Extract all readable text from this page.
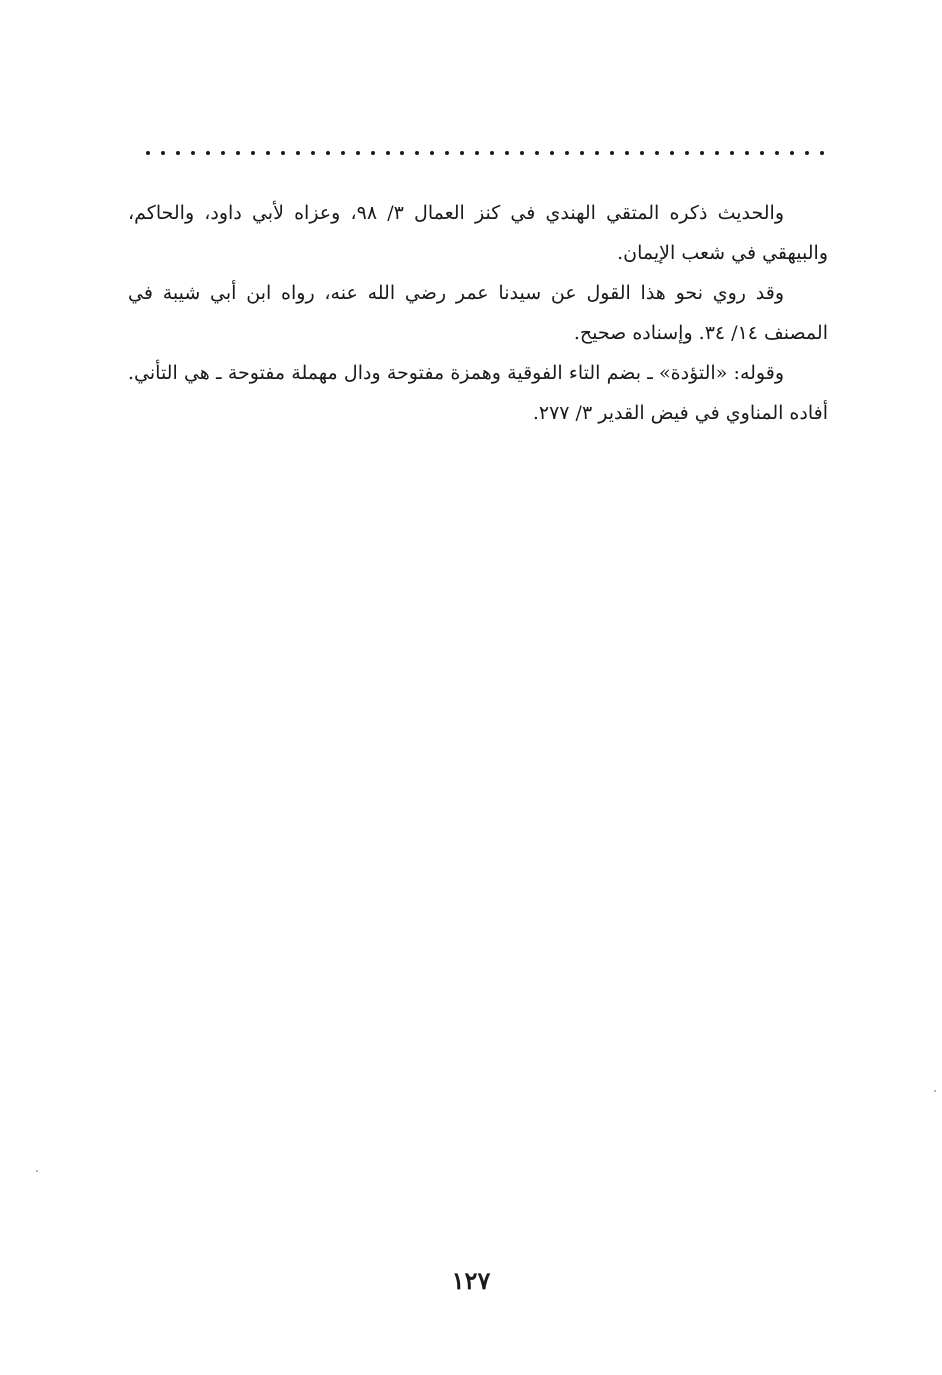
والحديث ذكره المتقي الهندي في كنز العمال ٣/ ٩٨، وعزاه لأبي داود، والحاكم، والبيهقي في شعب الإيمان.

وقد روي نحو هذا القول عن سيدنا عمر رضي الله عنه، رواه ابن أبي شيبة في المصنف ١٤/ ٣٤. وإسناده صحيح.

وقوله: «التؤدة» ـ بضم التاء الفوقية وهمزة مفتوحة ودال مهملة مفتوحة ـ هي التأني. أفاده المناوي في فيض القدير ٣/ ٢٧٧.

١٢٧
